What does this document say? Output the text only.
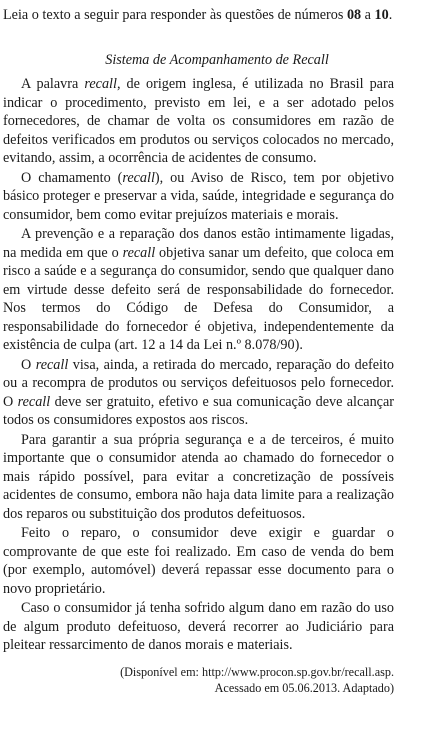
Leia o texto a seguir para responder às questões de números 08 a 10.
Sistema de Acompanhamento de Recall

A palavra recall, de origem inglesa, é utilizada no Brasil para indicar o procedimento, previsto em lei, e a ser adotado pelos fornecedores, de chamar de volta os consumidores em razão de defeitos verificados em produtos ou serviços colocados no mercado, evitando, assim, a ocorrência de acidentes de consumo.

O chamamento (recall), ou Aviso de Risco, tem por objetivo básico proteger e preservar a vida, saúde, integridade e segurança do consumidor, bem como evitar prejuízos materiais e morais.

A prevenção e a reparação dos danos estão intimamente ligadas, na medida em que o recall objetiva sanar um defeito, que coloca em risco a saúde e a segurança do consumidor, sendo que qualquer dano em virtude desse defeito será de responsabilidade do fornecedor. Nos termos do Código de Defesa do Consumidor, a responsabilidade do fornecedor é objetiva, independentemente da existência de culpa (art. 12 a 14 da Lei n.º 8.078/90).

O recall visa, ainda, a retirada do mercado, reparação do defeito ou a recompra de produtos ou serviços defeituosos pelo fornecedor. O recall deve ser gratuito, efetivo e sua comunicação deve alcançar todos os consumidores expostos aos riscos.

Para garantir a sua própria segurança e a de terceiros, é muito importante que o consumidor atenda ao chamado do fornecedor o mais rápido possível, para evitar a concretização de possíveis acidentes de consumo, embora não haja data limite para a realização dos reparos ou substituição dos produtos defeituosos.

Feito o reparo, o consumidor deve exigir e guardar o comprovante de que este foi realizado. Em caso de venda do bem (por exemplo, automóvel) deverá repassar esse documento para o novo proprietário.

Caso o consumidor já tenha sofrido algum dano em razão do uso de algum produto defeituoso, deverá recorrer ao Judiciário para pleitear ressarcimento de danos morais e materiais.

(Disponível em: http://www.procon.sp.gov.br/recall.asp.
Acessado em 05.06.2013. Adaptado)
